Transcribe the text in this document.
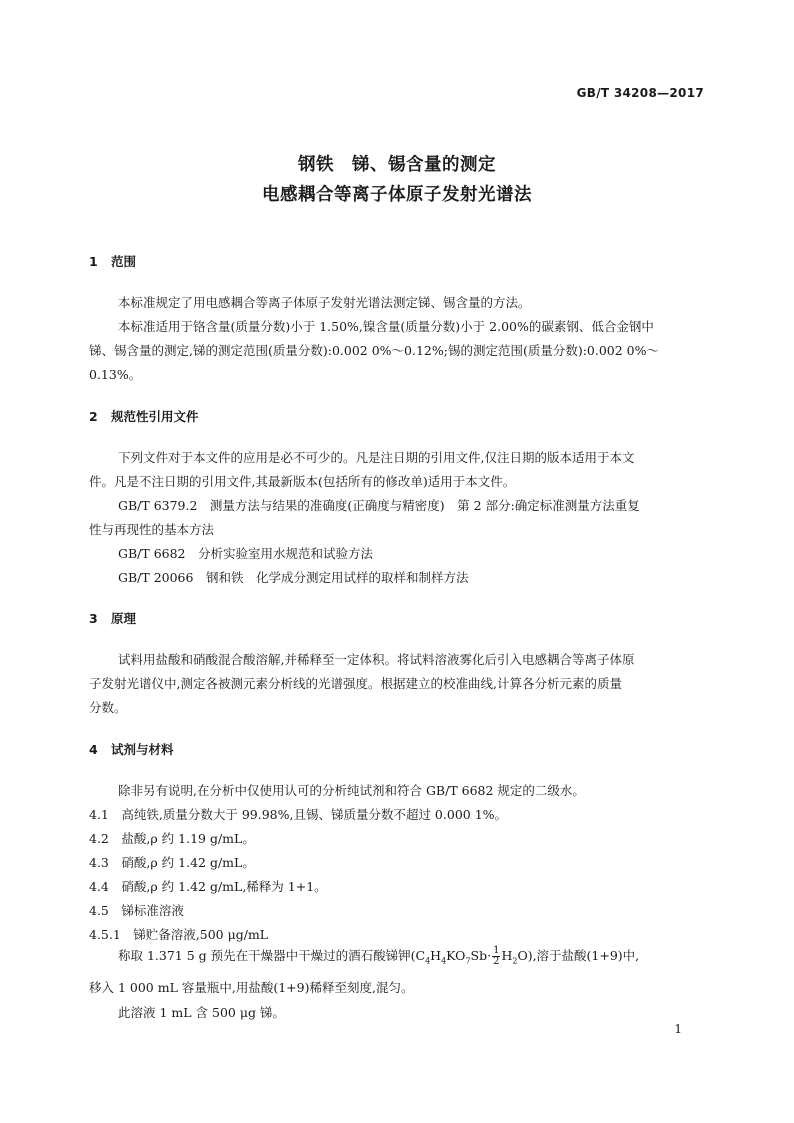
GB/T 34208—2017
钢铁　锑、锡含量的测定
电感耦合等离子体原子发射光谱法
1 范围
本标准规定了用电感耦合等离子体原子发射光谱法测定锑、锡含量的方法。
本标准适用于铬含量(质量分数)小于 1.50%,镍含量(质量分数)小于 2.00%的碳素钢、低合金钢中
锑、锡含量的测定,锑的测定范围(质量分数):0.002 0%～0.12%;锡的测定范围(质量分数):0.002 0%～
0.13%。
2 规范性引用文件
下列文件对于本文件的应用是必不可少的。凡是注日期的引用文件,仅注日期的版本适用于本文
件。凡是不注日期的引用文件,其最新版本(包括所有的修改单)适用于本文件。
GB/T 6379.2　测量方法与结果的准确度(正确度与精密度)　第 2 部分:确定标准测量方法重复
性与再现性的基本方法
GB/T 6682　分析实验室用水规范和试验方法
GB/T 20066　钢和铁　化学成分测定用试样的取样和制样方法
3 原理
试料用盐酸和硝酸混合酸溶解,并稀释至一定体积。将试料溶液雾化后引入电感耦合等离子体原
子发射光谱仪中,测定各被测元素分析线的光谱强度。根据建立的校准曲线,计算各分析元素的质量
分数。
4 试剂与材料
除非另有说明,在分析中仅使用认可的分析纯试剂和符合 GB/T 6682 规定的二级水。
4.1　高纯铁,质量分数大于 99.98%,且锡、锑质量分数不超过 0.000 1%。
4.2　盐酸,ρ 约 1.19 g/mL。
4.3　硝酸,ρ 约 1.42 g/mL。
4.4　硝酸,ρ 约 1.42 g/mL,稀释为 1+1。
4.5　锑标准溶液
4.5.1　锑贮备溶液,500 μg/mL
称取 1.371 5 g 预先在干燥器中干燥过的酒石酸锑钾$(C_4H_4KO_7Sb\cdot \frac{1}{2} H_2O)$,溶于盐酸(1+9)中,
移入 1 000 mL 容量瓶中,用盐酸(1+9)稀释至刻度,混匀。
此溶液 1 mL 含 500 μg 锑。
1
